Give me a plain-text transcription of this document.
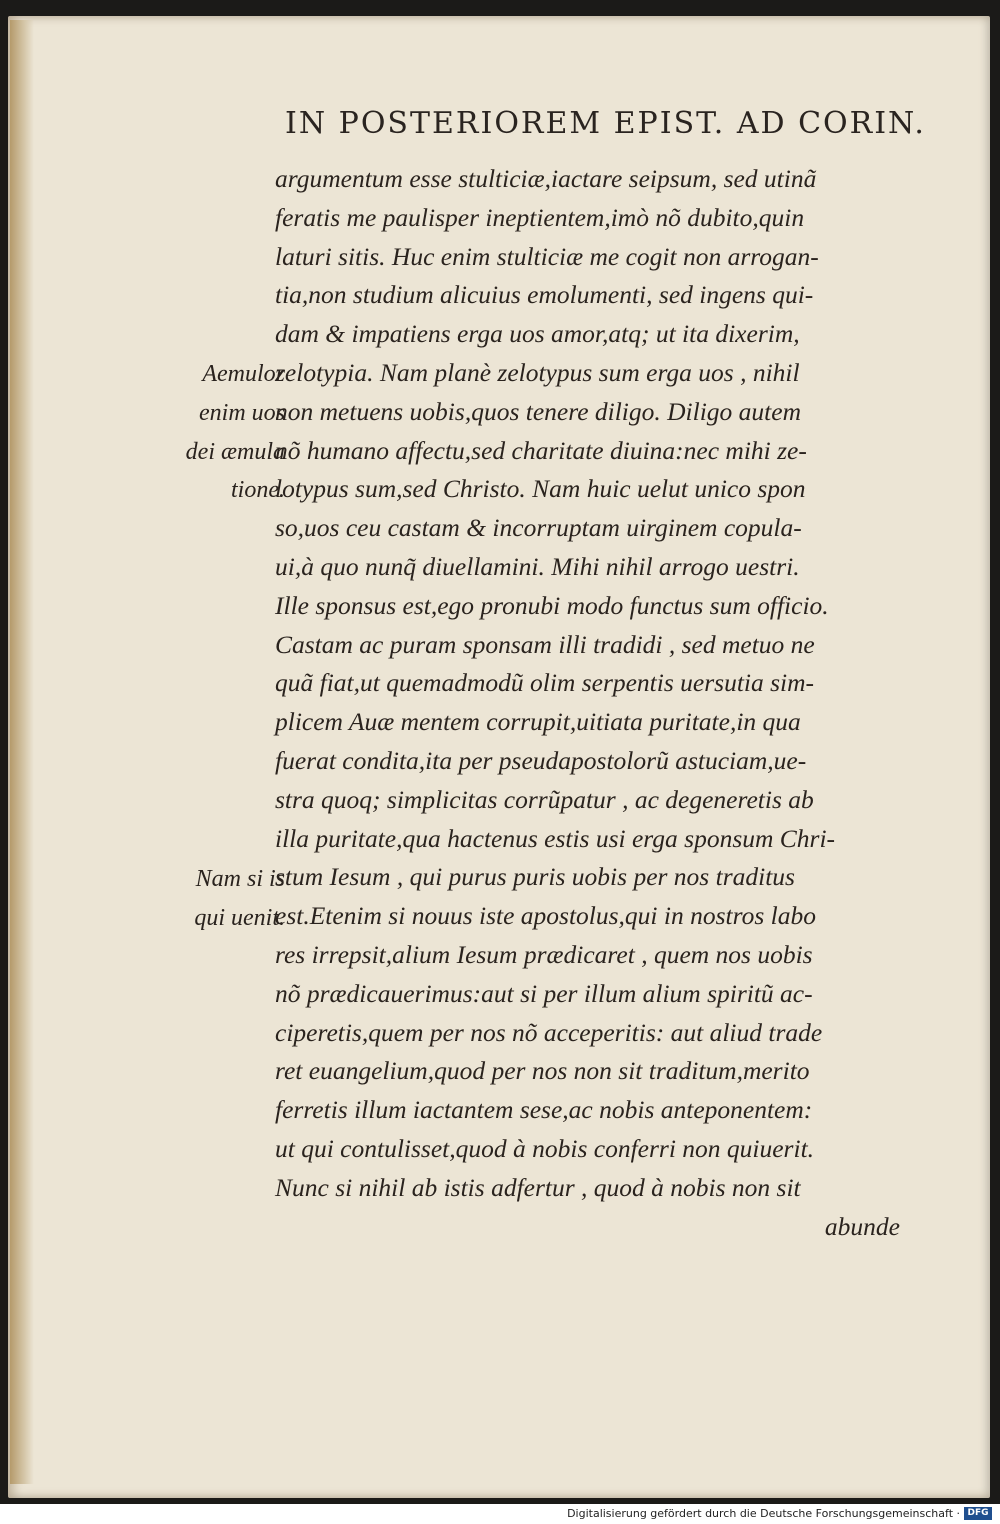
IN POSTERIOREM EPIST. AD CORIN.
Aemulor
enim uos
dei æmula
tione.
Nam si is
qui uenit.
argumentum esse stulticiæ,iactare seipsum, sed utinã
feratis me paulisper ineptientem,imò nõ dubito,quin
laturi sitis. Huc enim stulticiæ me cogit non arrogan-
tia,non studium alicuius emolumenti, sed ingens qui-
dam & impatiens erga uos amor,atq; ut ita dixerim,
zelotypia. Nam planè zelotypus sum erga uos , nihil
non metuens uobis,quos tenere diligo. Diligo autem
nõ humano affectu,sed charitate diuina:nec mihi ze-
lotypus sum,sed Christo. Nam huic uelut unico spon
so,uos ceu castam & incorruptam uirginem copula-
ui,à quo nunq̃ diuellamini. Mihi nihil arrogo uestri.
Ille sponsus est,ego pronubi modo functus sum officio.
Castam ac puram sponsam illi tradidi , sed metuo ne
quã fiat,ut quemadmodũ olim serpentis uersutia sim-
plicem Auæ mentem corrupit,uitiata puritate,in qua
fuerat condita,ita per pseudapostolorũ astuciam,ue-
stra quoq; simplicitas corrũpatur , ac degeneretis ab
illa puritate,qua hactenus estis usi erga sponsum Chri-
stum Iesum , qui purus puris uobis per nos traditus
est.Etenim si nouus iste apostolus,qui in nostros labo
res irrepsit,alium Iesum prædicaret , quem nos uobis
nõ prædicauerimus:aut si per illum alium spiritũ ac-
ciperetis,quem per nos nõ acceperitis: aut aliud trade
ret euangelium,quod per nos non sit traditum,merito
ferretis illum iactantem sese,ac nobis anteponentem:
ut qui contulisset,quod à nobis conferri non quiuerit.
Nunc si nihil ab istis adfertur , quod à nobis non sit
abunde
Digitalisierung gefördert durch die Deutsche Forschungsgemeinschaft · DFG
